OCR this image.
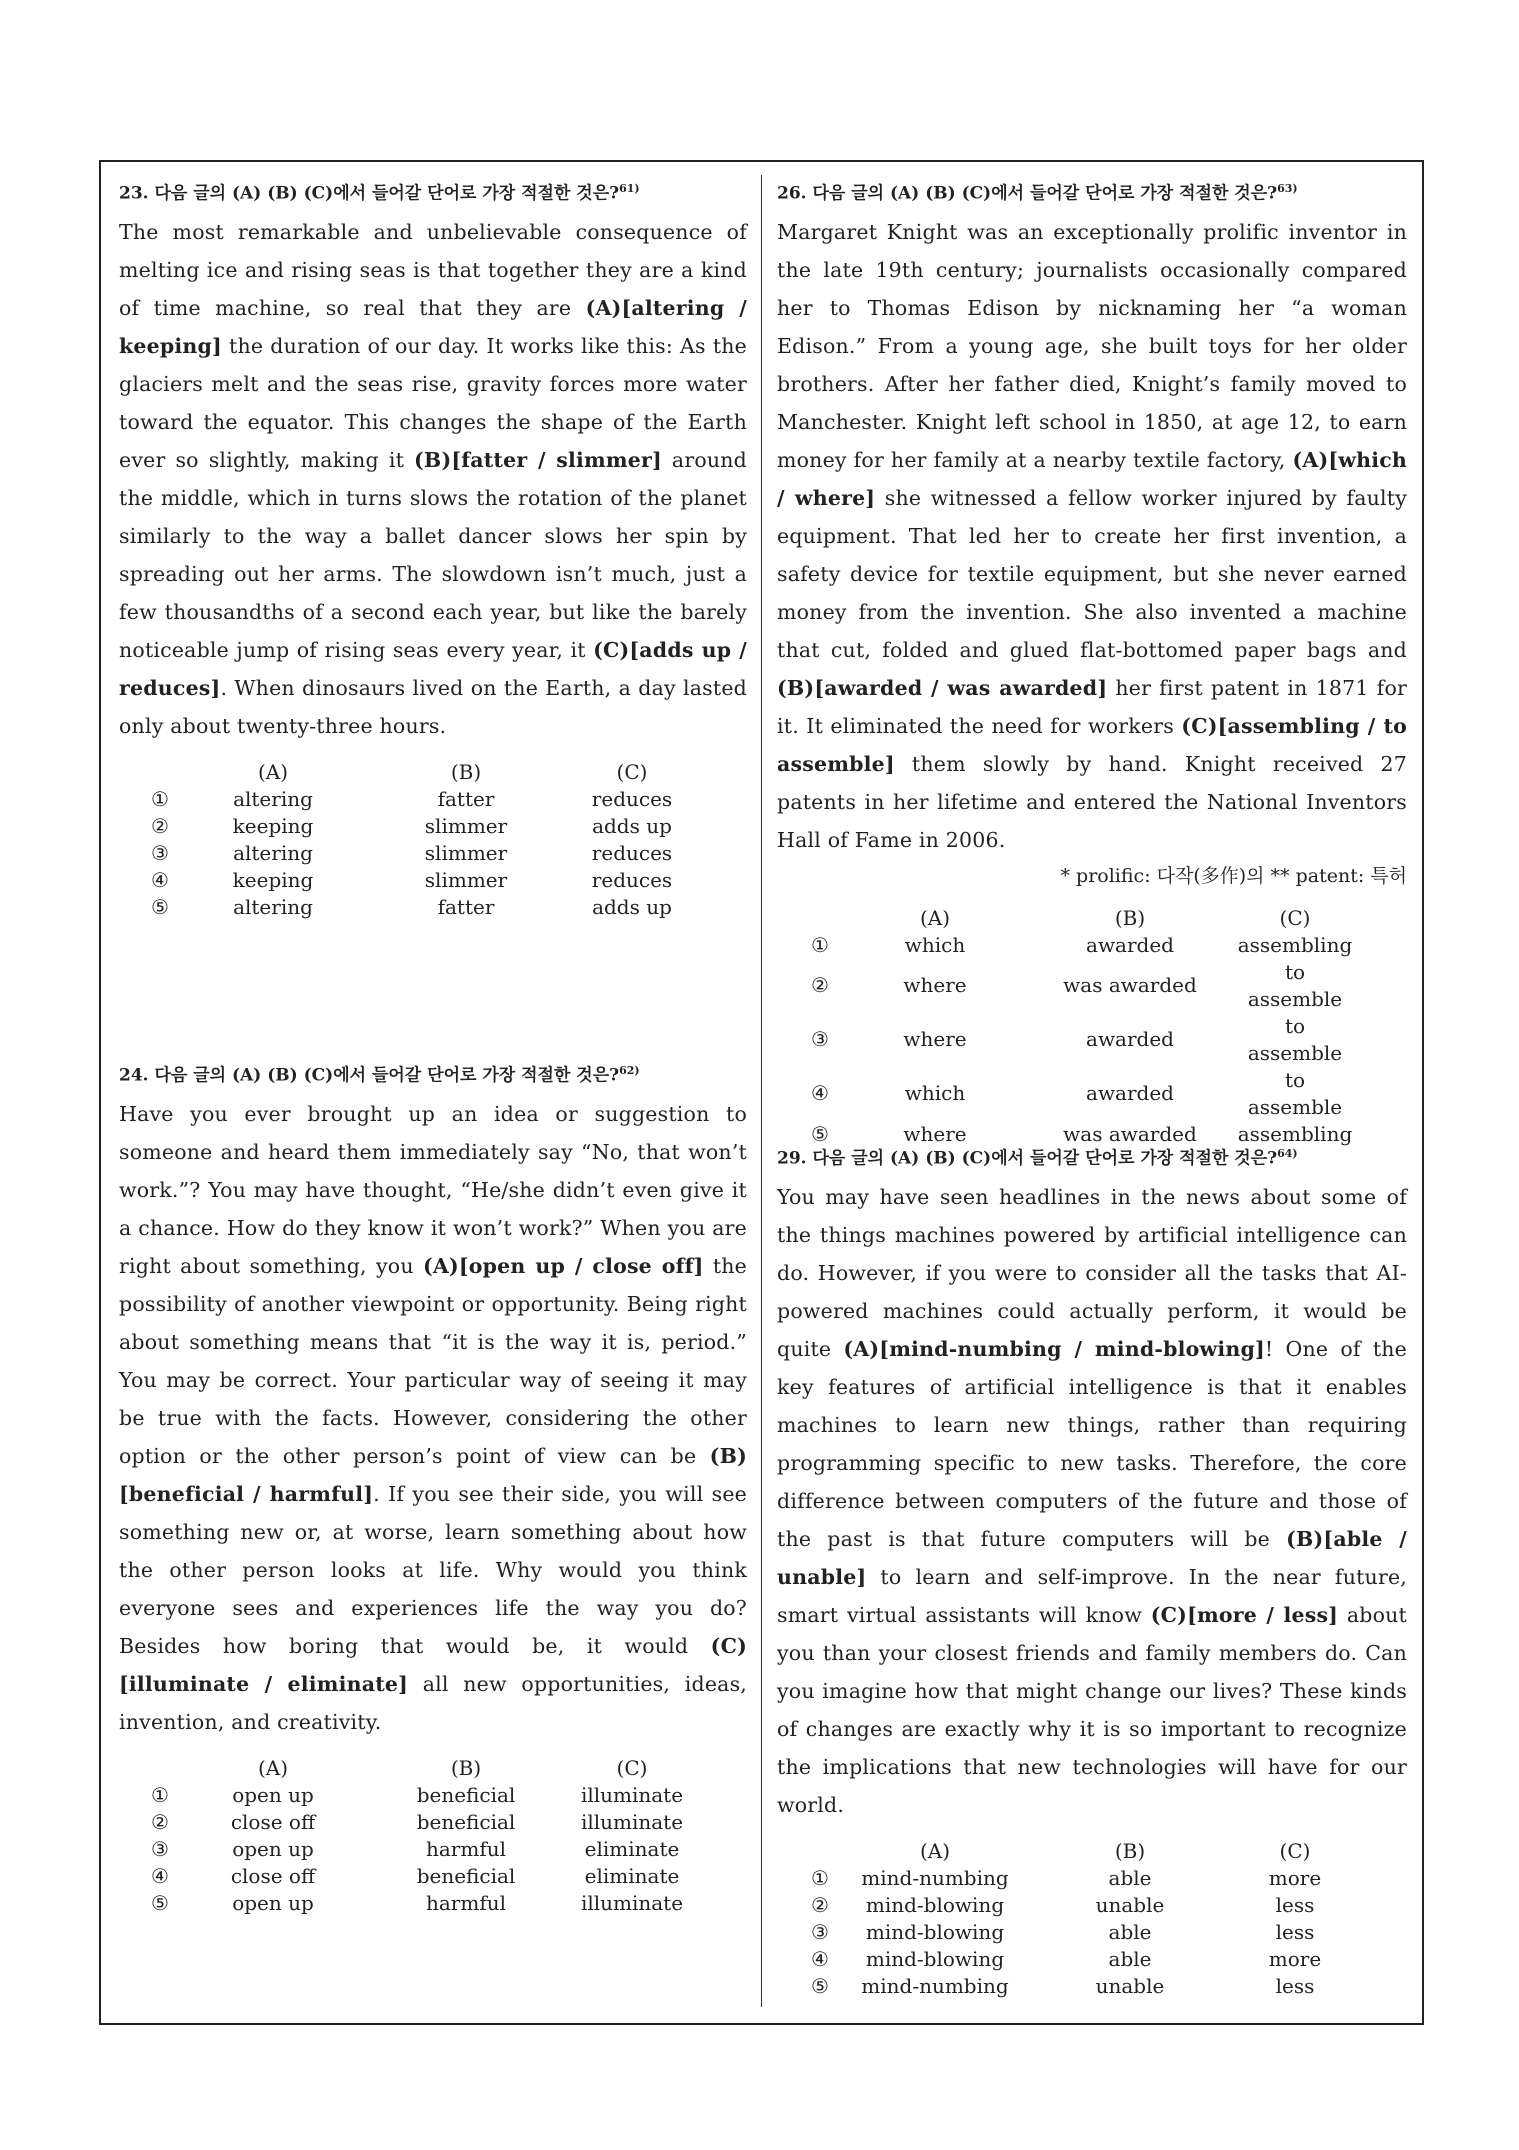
23. 다음 글의 (A) (B) (C)에서 들어갈 단어로 가장 적절한 것은?$^{61)}$

The most remarkable and unbelievable consequence of melting ice and rising seas is that together they are a kind of time machine, so real that they are (A)[altering / keeping] the duration of our day. It works like this: As the glaciers melt and the seas rise, gravity forces more water toward the equator. This changes the shape of the Earth ever so slightly, making it (B)[fatter / slimmer] around the middle, which in turns slows the rotation of the planet similarly to the way a ballet dancer slows her spin by spreading out her arms. The slowdown isn’t much, just a few thousandths of a second each year, but like the barely noticeable jump of rising seas every year, it (C)[adds up / reduces]. When dinosaurs lived on the Earth, a day lasted only about twenty-three hours.

	(A)	(B)	(C)
①	altering	fatter	reduces
②	keeping	slimmer	adds up
③	altering	slimmer	reduces
④	keeping	slimmer	reduces
⑤	altering	fatter	adds up

24. 다음 글의 (A) (B) (C)에서 들어갈 단어로 가장 적절한 것은?$^{62)}$

Have you ever brought up an idea or suggestion to someone and heard them immediately say “No, that won’t work.”? You may have thought, “He/she didn’t even give it a chance. How do they know it won’t work?” When you are right about something, you (A)[open up / close off] the possibility of another viewpoint or opportunity. Being right about something means that “it is the way it is, period.” You may be correct. Your particular way of seeing it may be true with the facts. However, considering the other option or the other person’s point of view can be (B)[beneficial / harmful]. If you see their side, you will see something new or, at worse, learn something about how the other person looks at life. Why would you think everyone sees and experiences life the way you do? Besides how boring that would be, it would (C)[illuminate / eliminate] all new opportunities, ideas, invention, and creativity.

	(A)	(B)	(C)
①	open up	beneficial	illuminate
②	close off	beneficial	illuminate
③	open up	harmful	eliminate
④	close off	beneficial	eliminate
⑤	open up	harmful	illuminate

26. 다음 글의 (A) (B) (C)에서 들어갈 단어로 가장 적절한 것은?$^{63)}$

Margaret Knight was an exceptionally prolific inventor in the late 19th century; journalists occasionally compared her to Thomas Edison by nicknaming her “a woman Edison.” From a young age, she built toys for her older brothers. After her father died, Knight’s family moved to Manchester. Knight left school in 1850, at age 12, to earn money for her family at a nearby textile factory, (A)[which / where] she witnessed a fellow worker injured by faulty equipment. That led her to create her first invention, a safety device for textile equipment, but she never earned money from the invention. She also invented a machine that cut, folded and glued flat-bottomed paper bags and (B)[awarded / was awarded] her first patent in 1871 for it. It eliminated the need for workers (C)[assembling / to assemble] them slowly by hand. Knight received 27 patents in her lifetime and entered the National Inventors Hall of Fame in 2006.

* prolific: 다작(多作)의 ** patent: 특허

	(A)	(B)	(C)
①	which	awarded	assembling
②	where	was awarded	to assemble
③	where	awarded	to assemble
④	which	awarded	to assemble
⑤	where	was awarded	assembling

29. 다음 글의 (A) (B) (C)에서 들어갈 단어로 가장 적절한 것은?$^{64)}$

You may have seen headlines in the news about some of the things machines powered by artificial intelligence can do. However, if you were to consider all the tasks that AI-powered machines could actually perform, it would be quite (A)[mind-numbing / mind-blowing]! One of the key features of artificial intelligence is that it enables machines to learn new things, rather than requiring programming specific to new tasks. Therefore, the core difference between computers of the future and those of the past is that future computers will be (B)[able / unable] to learn and self-improve. In the near future, smart virtual assistants will know (C)[more / less] about you than your closest friends and family members do. Can you imagine how that might change our lives? These kinds of changes are exactly why it is so important to recognize the implications that new technologies will have for our world.

	(A)	(B)	(C)
①	mind-numbing	able	more
②	mind-blowing	unable	less
③	mind-blowing	able	less
④	mind-blowing	able	more
⑤	mind-numbing	unable	less
